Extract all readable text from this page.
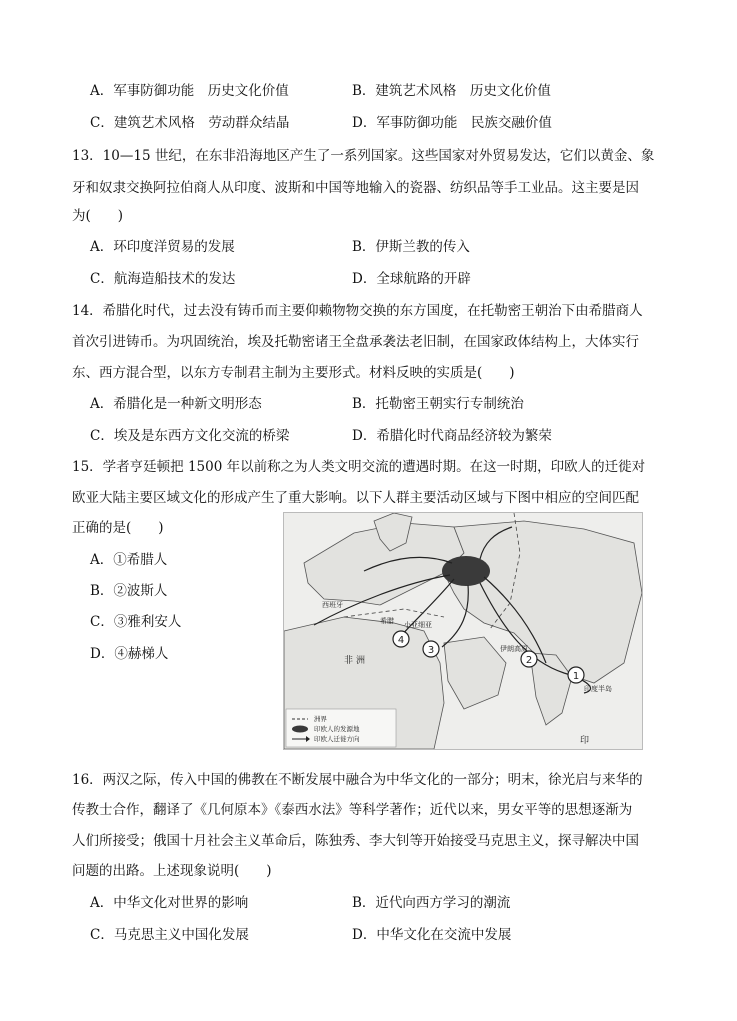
A．军事防御功能　历史文化价值	B．建筑艺术风格　历史文化价值
C．建筑艺术风格　劳动群众结晶	D．军事防御功能　民族交融价值
13．10—15 世纪，在东非沿海地区产生了一系列国家。这些国家对外贸易发达，它们以黄金、象
牙和奴隶交换阿拉伯商人从印度、波斯和中国等地输入的瓷器、纺织品等手工业品。这主要是因
为(　　)
A．环印度洋贸易的发展	B．伊斯兰教的传入
C．航海造船技术的发达	D．全球航路的开辟
14．希腊化时代，过去没有铸币而主要仰赖物物交换的东方国度，在托勒密王朝治下由希腊商人
首次引进铸币。为巩固统治，埃及托勒密诸王全盘承袭法老旧制，在国家政体结构上，大体实行
东、西方混合型，以东方专制君主制为主要形式。材料反映的实质是(　　)
A．希腊化是一种新文明形态	B．托勒密王朝实行专制统治
C．埃及是东西方文化交流的桥梁	D．希腊化时代商品经济较为繁荣
15．学者亨廷顿把 1500 年以前称之为人类文明交流的遭遇时期。在这一时期，印欧人的迁徙对
欧亚大陆主要区域文化的形成产生了重大影响。以下人群主要活动区域与下图中相应的空间匹配
正确的是(　　)
A．①希腊人
B．②波斯人
C．③雅利安人
D．④赫梯人
4
3
2
1
西班牙
希腊 小亚细亚
伊朗高原
印度半岛
非 洲
印
洲界
印欧人的发源地
印欧人迁徙方向
16．两汉之际，传入中国的佛教在不断发展中融合为中华文化的一部分；明末，徐光启与来华的
传教士合作，翻译了《几何原本》《泰西水法》等科学著作；近代以来，男女平等的思想逐渐为
人们所接受；俄国十月社会主义革命后，陈独秀、李大钊等开始接受马克思主义，探寻解决中国
问题的出路。上述现象说明(　　)
A．中华文化对世界的影响	B．近代向西方学习的潮流
C．马克思主义中国化发展	D．中华文化在交流中发展
